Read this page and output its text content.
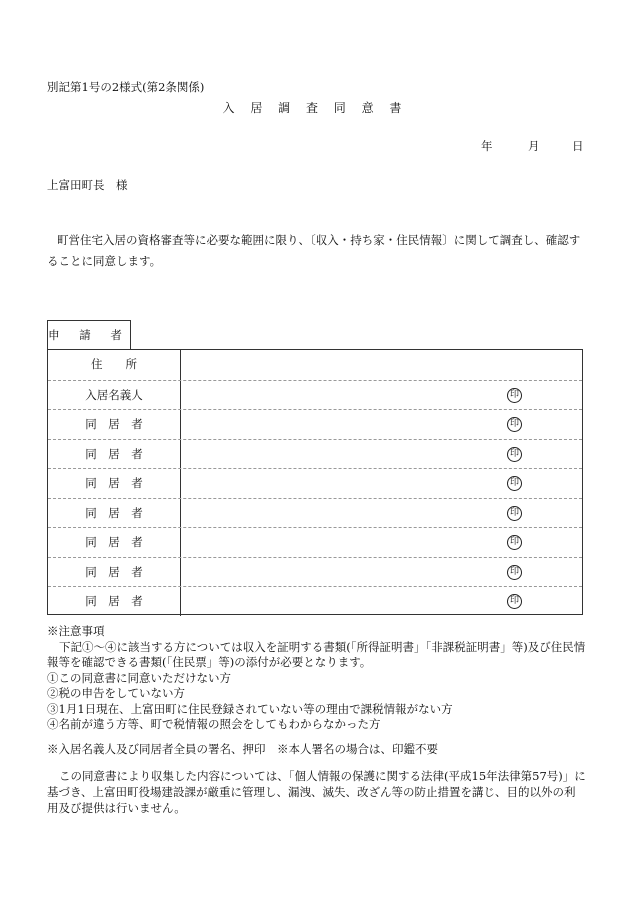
別記第1号の2様式(第2条関係)
入 居 調 査 同 意 書
年	月	日
上富田町長　様
町営住宅入居の資格審査等に必要な範囲に限り、〔収入・持ち家・住民情報〕に関して調査し、確認することに同意します。
申 請 者
住　　所
入居名義人	印
同　居　者	印
同　居　者	印
同　居　者	印
同　居　者	印
同　居　者	印
同　居　者	印
同　居　者	印
※注意事項
下記①～④に該当する方については収入を証明する書類(「所得証明書」「非課税証明書」等)及び住民情報等を確認できる書類(「住民票」等)の添付が必要となります。
①この同意書に同意いただけない方
②税の申告をしていない方
③1月1日現在、上富田町に住民登録されていない等の理由で課税情報がない方
④名前が違う方等、町で税情報の照会をしてもわからなかった方
※入居名義人及び同居者全員の署名、押印　※本人署名の場合は、印鑑不要
この同意書により収集した内容については、「個人情報の保護に関する法律(平成15年法律第57号)」に基づき、上富田町役場建設課が厳重に管理し、漏洩、滅失、改ざん等の防止措置を講じ、目的以外の利用及び提供は行いません。
